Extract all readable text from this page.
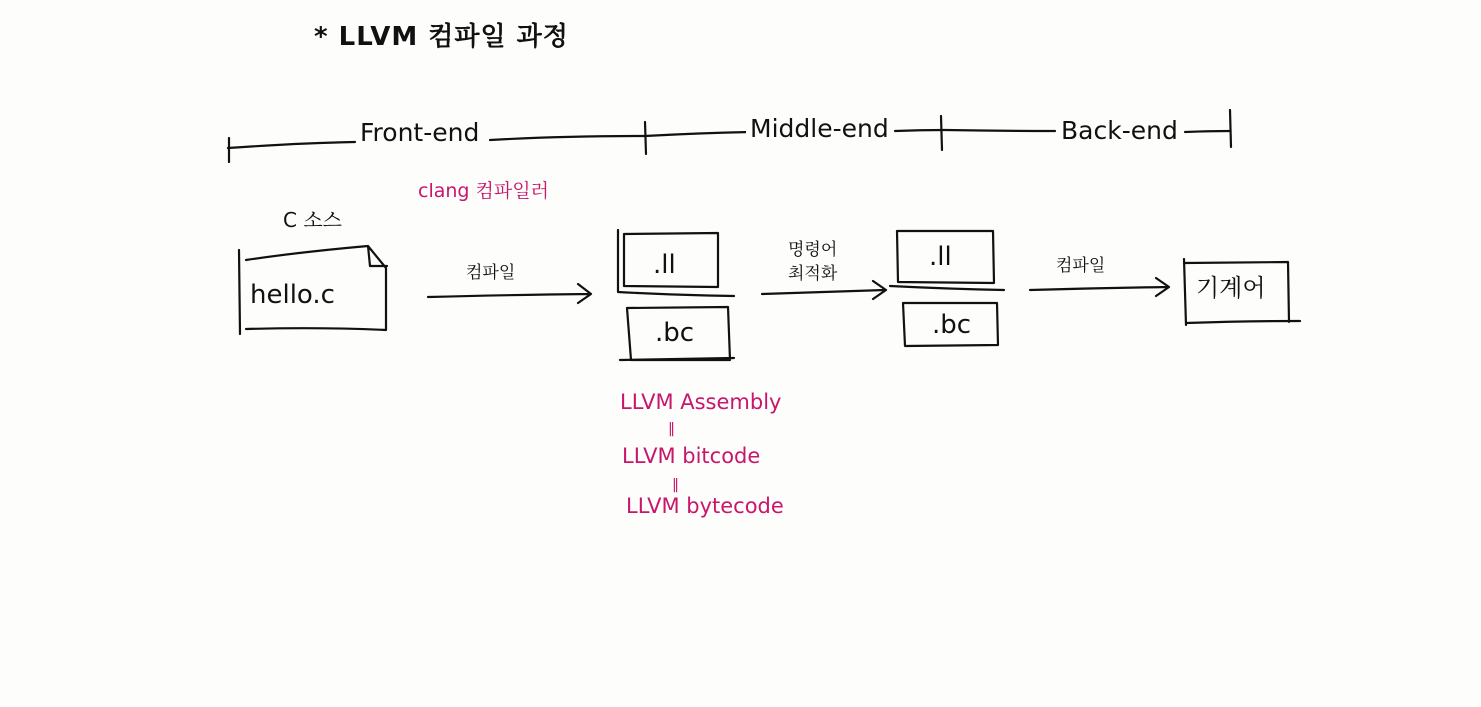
* LLVM 컴파일 과정
Front-end	Middle-end	Back-end
clang 컴파일러
C 소스
hello.c
컴파일	.ll
.bc
명령어
최적화
.ll
.bc
컴파일
기계어
LLVM Assembly
‖
LLVM bitcode
‖
LLVM bytecode
